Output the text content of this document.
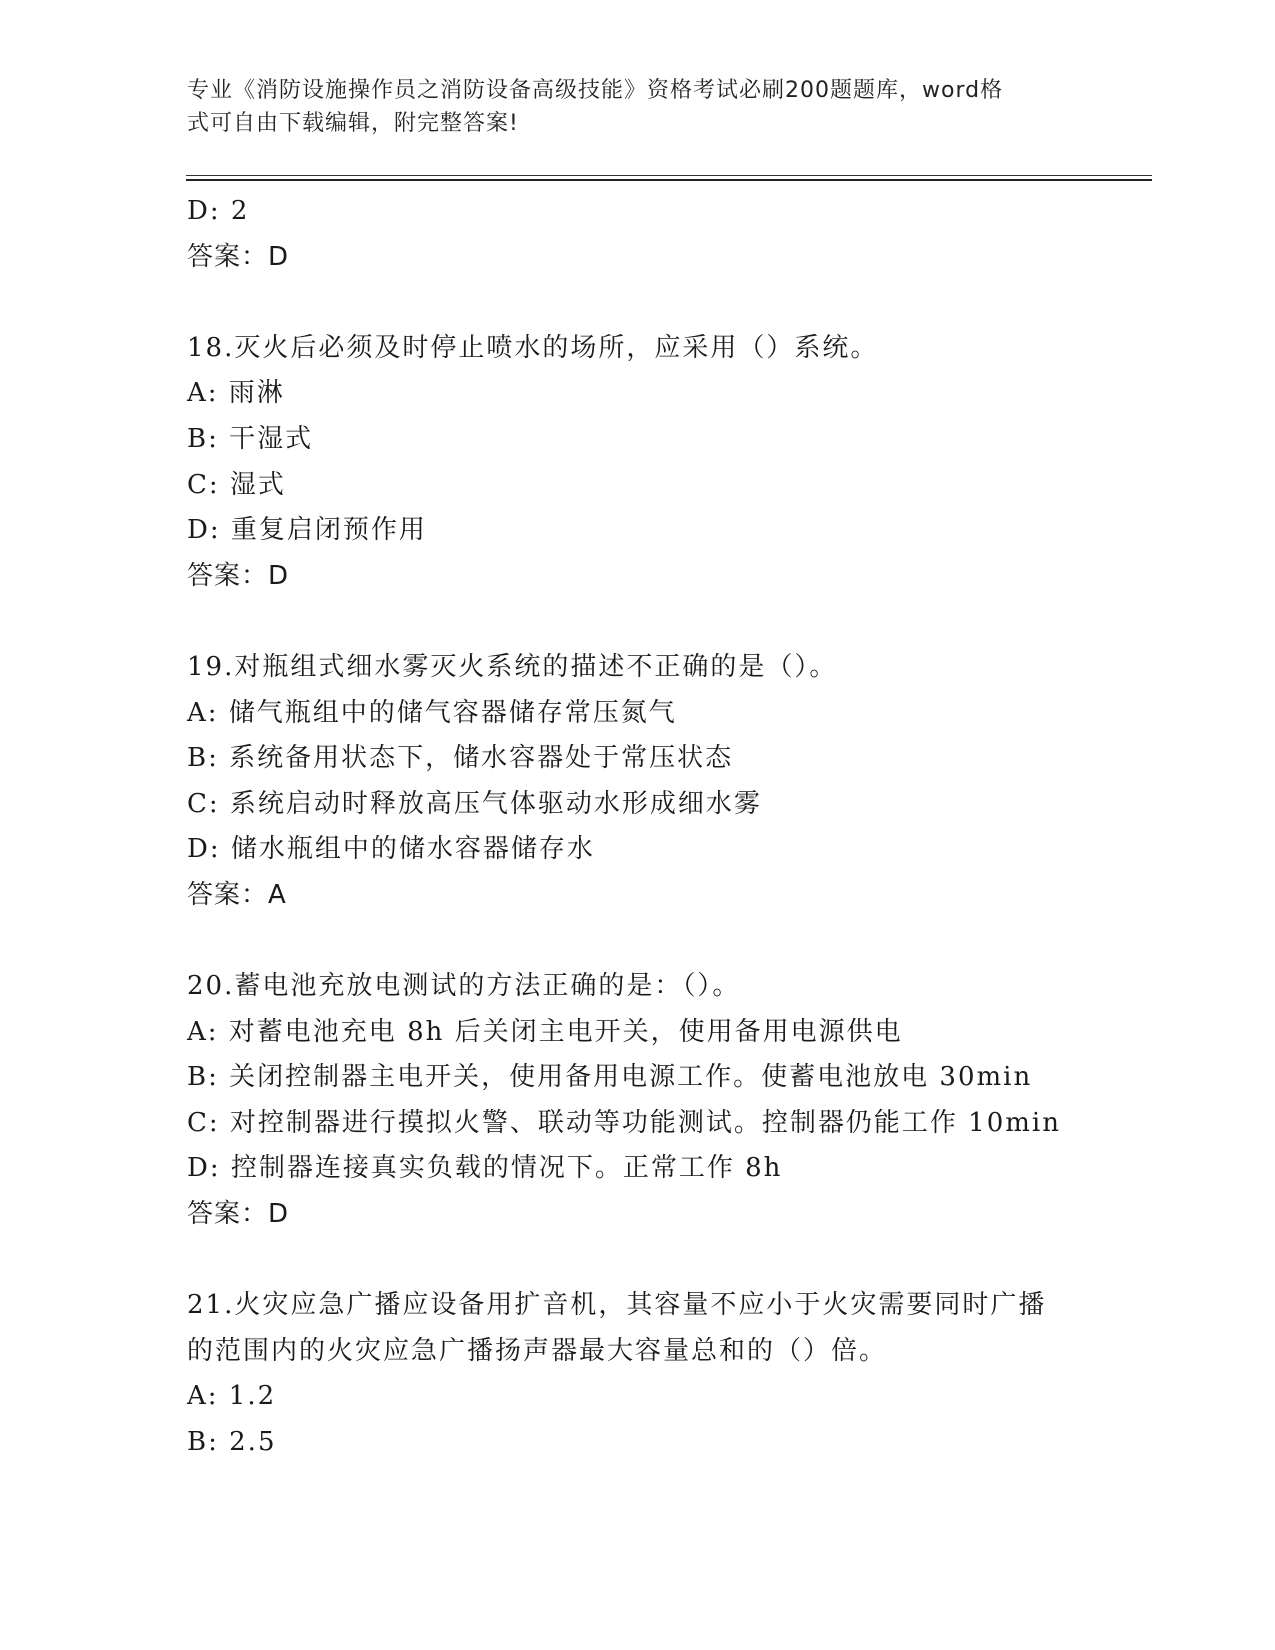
专业《消防设施操作员之消防设备高级技能》资格考试必刷200题题库，word格
式可自由下载编辑，附完整答案!
D: 2
答案：D
18.灭火后必须及时停止喷水的场所，应采用（）系统。
A: 雨淋
B: 干湿式
C: 湿式
D: 重复启闭预作用
答案：D
19.对瓶组式细水雾灭火系统的描述不正确的是（）。
A: 储气瓶组中的储气容器储存常压氮气
B: 系统备用状态下，储水容器处于常压状态
C: 系统启动时释放高压气体驱动水形成细水雾
D: 储水瓶组中的储水容器储存水
答案：A
20.蓄电池充放电测试的方法正确的是：（）。
A: 对蓄电池充电 8h 后关闭主电开关，使用备用电源供电
B: 关闭控制器主电开关，使用备用电源工作。使蓄电池放电 30min
C: 对控制器进行摸拟火警、联动等功能测试。控制器仍能工作 10min
D: 控制器连接真实负载的情况下。正常工作 8h
答案：D
21.火灾应急广播应设备用扩音机，其容量不应小于火灾需要同时广播
的范围内的火灾应急广播扬声器最大容量总和的（）倍。
A: 1.2
B: 2.5
